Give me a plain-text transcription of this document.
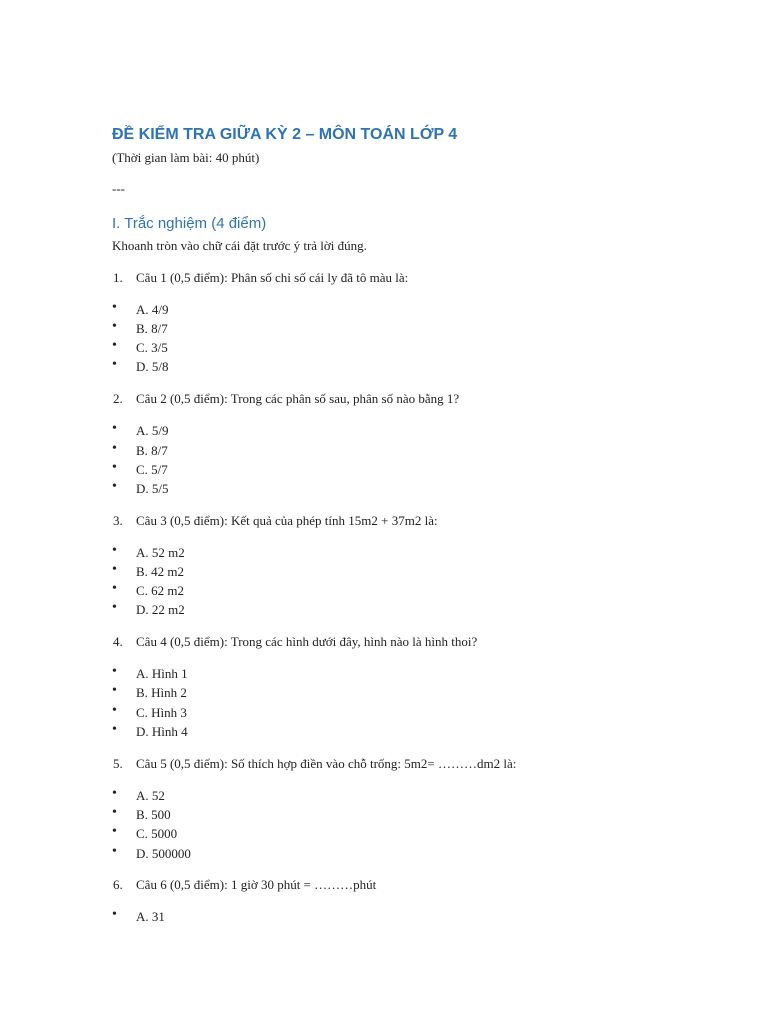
ĐỀ KIỂM TRA GIỮA KỲ 2 – MÔN TOÁN LỚP 4
(Thời gian làm bài: 40 phút)
---
I. Trắc nghiệm (4 điểm)
Khoanh tròn vào chữ cái đặt trước ý trả lời đúng.
1. Câu 1 (0,5 điểm): Phân số chỉ số cái ly đã tô màu là:
• A. 4/9
• B. 8/7
• C. 3/5
• D. 5/8
2. Câu 2 (0,5 điểm): Trong các phân số sau, phân số nào bằng 1?
• A. 5/9
• B. 8/7
• C. 5/7
• D. 5/5
3. Câu 3 (0,5 điểm): Kết quả của phép tính 15m2 + 37m2 là:
• A. 52 m2
• B. 42 m2
• C. 62 m2
• D. 22 m2
4. Câu 4 (0,5 điểm): Trong các hình dưới đây, hình nào là hình thoi?
• A. Hình 1
• B. Hình 2
• C. Hình 3
• D. Hình 4
5. Câu 5 (0,5 điểm): Số thích hợp điền vào chỗ trống: 5m2= ………dm2 là:
• A. 52
• B. 500
• C. 5000
• D. 500000
6. Câu 6 (0,5 điểm): 1 giờ 30 phút = ………phút
• A. 31
